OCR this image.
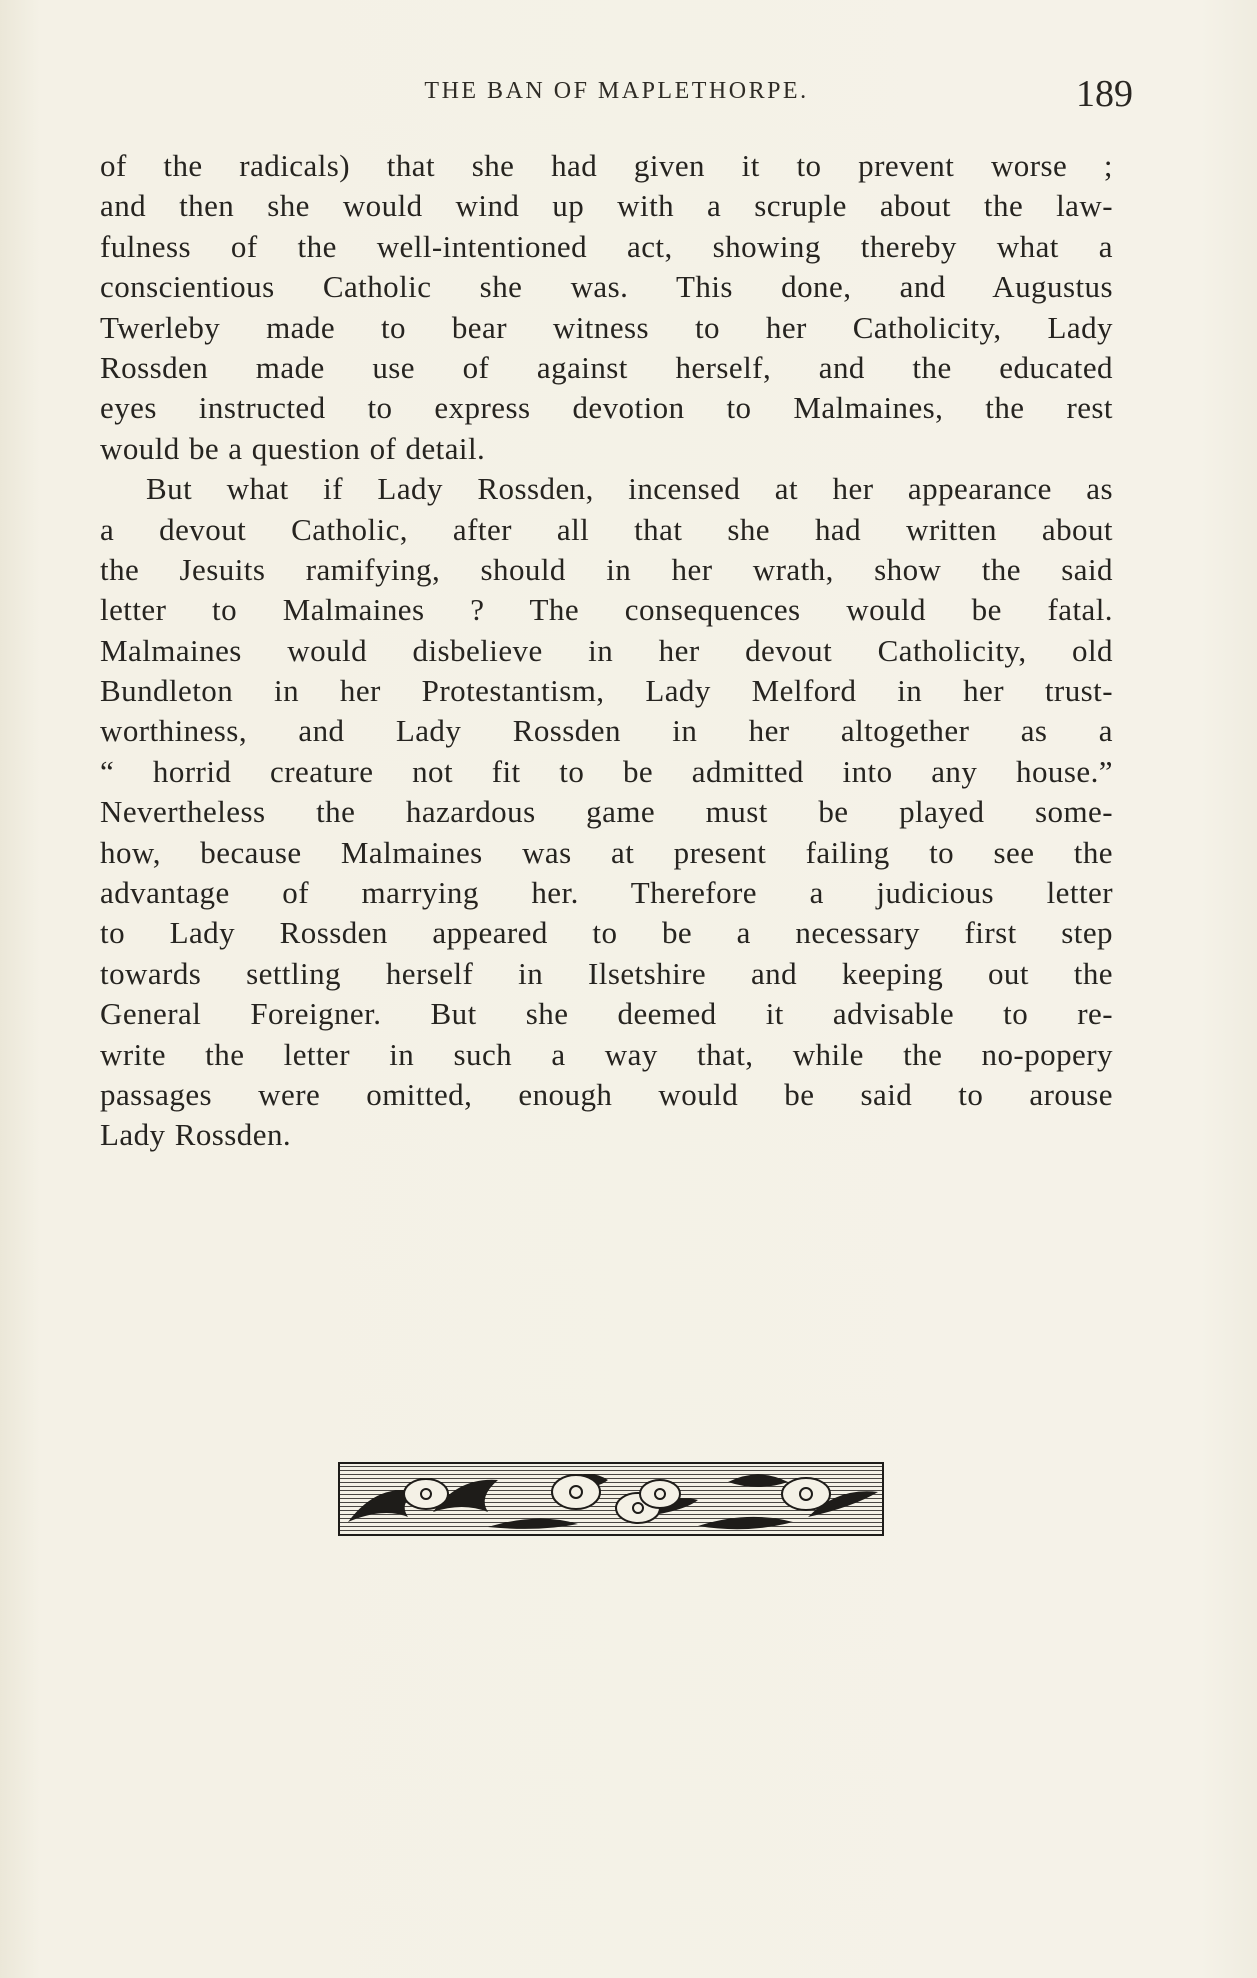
THE BAN OF MAPLETHORPE.	189
of the radicals) that she had given it to prevent worse ;
and then she would wind up with a scruple about the law-
fulness of the well-intentioned act, showing thereby what a
conscientious Catholic she was. This done, and Augustus
Twerleby made to bear witness to her Catholicity, Lady
Rossden made use of against herself, and the educated
eyes instructed to express devotion to Malmaines, the rest
would be a question of detail.
But what if Lady Rossden, incensed at her appearance as
a devout Catholic, after all that she had written about
the Jesuits ramifying, should in her wrath, show the said
letter to Malmaines ? The consequences would be fatal.
Malmaines would disbelieve in her devout Catholicity, old
Bundleton in her Protestantism, Lady Melford in her trust-
worthiness, and Lady Rossden in her altogether as a
“ horrid creature not fit to be admitted into any house.”
Nevertheless the hazardous game must be played some-
how, because Malmaines was at present failing to see the
advantage of marrying her. Therefore a judicious letter
to Lady Rossden appeared to be a necessary first step
towards settling herself in Ilsetshire and keeping out the
General Foreigner. But she deemed it advisable to re-
write the letter in such a way that, while the no-popery
passages were omitted, enough would be said to arouse
Lady Rossden.
